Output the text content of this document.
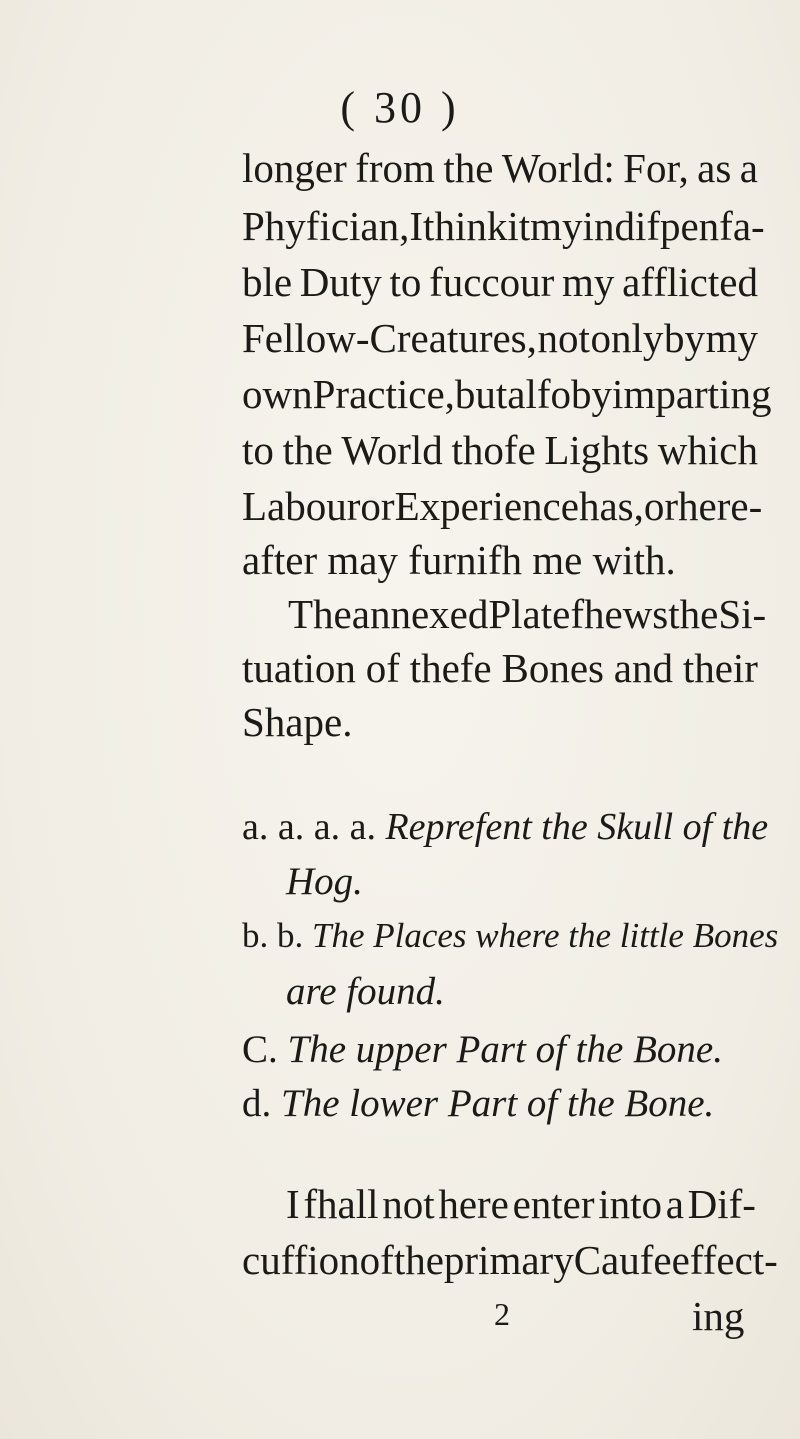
( 30 )
longer from the World: For, as a
Phyfician, I think it my indifpenfa-
ble Duty to fuccour my afflicted
Fellow-Creatures, not only by my
own Practice, but alfo by imparting
to the World thofe Lights which
Labour or Experience has, or here-
after may furnifh me with.
The annexed Plate fhews the Si-
tuation of thefe Bones and their
Shape.
a. a. a. a. Reprefent the Skull of the
Hog.
b. b. The Places where the little Bones
are found.
C. The upper Part of the Bone.
d. The lower Part of the Bone.
I fhall not here enter into a Dif-
cuffion of the primary Caufe effect-
2	ing
